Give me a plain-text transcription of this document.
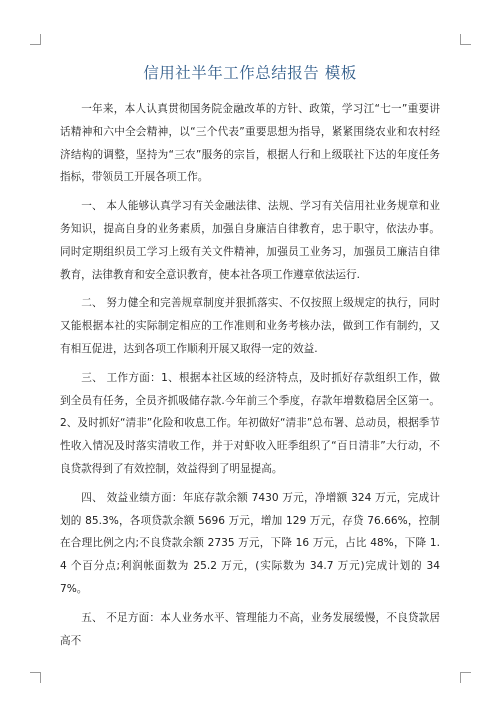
信用社半年工作总结报告 模板

一年来，本人认真贯彻国务院金融改革的方针、政策，学习江“七一”重要讲话精神和六中全会精神，以“三个代表”重要思想为指导，紧紧围绕农业和农村经济结构的调整，坚持为“三农”服务的宗旨，根据人行和上级联社下达的年度任务指标，带领员工开展各项工作。

一、 本人能够认真学习有关金融法律、法规、学习有关信用社业务规章和业务知识，提高自身的业务素质，加强自身廉洁自律教育，忠于职守，依法办事。同时定期组织员工学习上级有关文件精神，加强员工业务习，加强员工廉洁自律教育，法律教育和安全意识教育，使本社各项工作遵章依法运行.

二、 努力健全和完善规章制度并狠抓落实、不仅按照上级规定的执行，同时又能根据本社的实际制定相应的工作准则和业务考核办法，做到工作有制约，又有相互促进，达到各项工作顺利开展又取得一定的效益.

三、 工作方面：1、根据本社区域的经济特点，及时抓好存款组织工作，做到全员有任务，全员齐抓吸储存款.今年前三个季度，存款年增数稳居全区第一。2、及时抓好“清非”化险和收息工作。年初做好“清非”总布署、总动员，根据季节性收入情况及时落实清收工作，并于对虾收入旺季组织了“百日清非”大行动，不良贷款得到了有效控制，效益得到了明显提高。

四、 效益业绩方面：年底存款余额 7430 万元，净增额 324 万元，完成计划的 85.3%，各项贷款余额 5696 万元，增加 129 万元，存贷 76.66%，控制在合理比例之内;不良贷款余额 2735 万元，下降 16 万元，占比 48%，下降 1.4 个百分点;利润帐面数为 25.2 万元，(实际数为 34.7 万元)完成计划的 347%。

五、 不足方面：本人业务水平、管理能力不高，业务发展缓慢，不良贷款居高不
